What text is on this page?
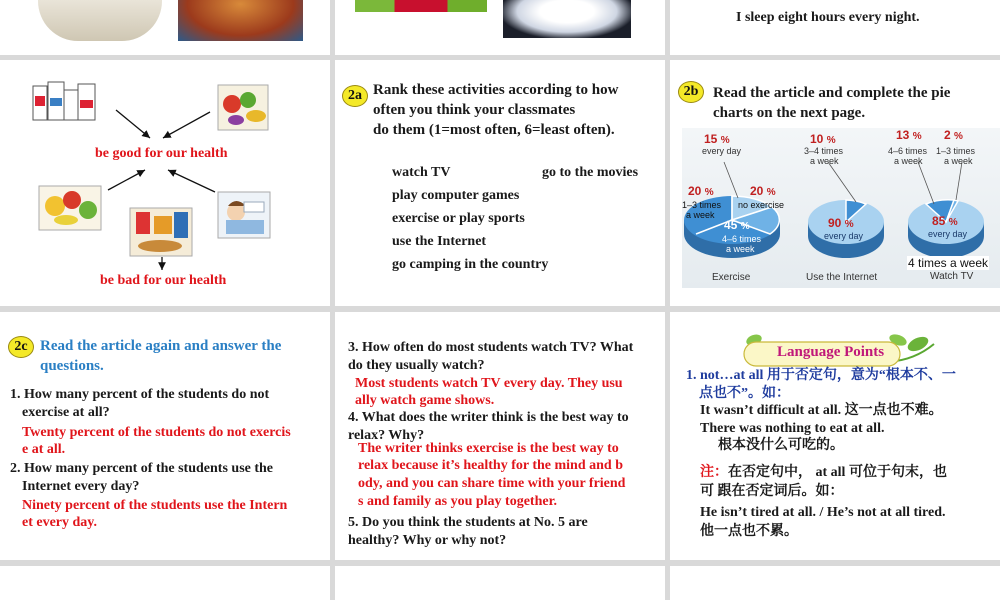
I sleep eight hours every night.
be good for our health
be bad for our health
2a Rank these activities according to how
often you think your classmates
do them (1=most often, 6=least often).
watch TV	go to the movies
play computer games
exercise or play sports
use the Internet
go camping in the country
2b Read the article and complete the pie
charts on the next page.
15 %
every day
20 %
1–3 times
a week
20 %
no exercise
45 %
4–6 times
a week
Exercise
10 %
3–4 times
a week
90 %
every day
Use the Internet
13 %
4–6 times
a week
2 %
1–3 times
a week
85 %
every day
4 times a week
Watch TV
2c Read the article again and answer the
questions.
1. How many percent of the students do not
exercise at all?
Twenty percent of the students do not exercis
e at all.
2. How many percent of the students use the
Internet every day?
Ninety percent of the students use the Intern
et every day.
3. How often do most students watch TV? What
do they usually watch?
Most students watch TV every day. They usu
ally watch game shows.
4. What does the writer think is the best way to
relax? Why?
The writer thinks exercise is the best way to
relax because it’s healthy for the mind and b
ody, and you can share time with your friend
s and family as you play together.
5. Do you think the students at No. 5 are
healthy? Why or why not?
Language Points
1. not…at all 用于否定句，意为“根本不、一
点也不”。如：
It wasn’t difficult at all. 这一点也不难。
There was nothing to eat at all.
根本没什么可吃的。
注：在否定句中， at all 可位于句末，也
可 跟在否定词后。如：
He isn’t tired at all. / He’s not at all tired.
他一点也不累。
